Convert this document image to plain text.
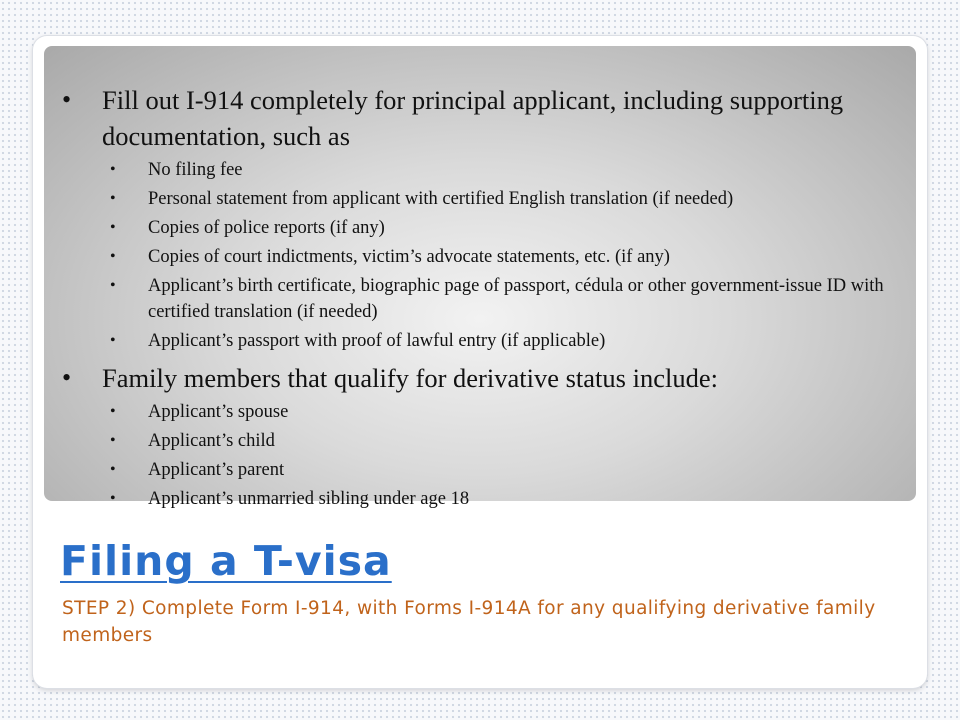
• Fill out I-914 completely for principal applicant, including supporting documentation, such as
• No filing fee
• Personal statement from applicant with certified English translation (if needed)
• Copies of police reports (if any)
• Copies of court indictments, victim’s advocate statements, etc. (if any)
• Applicant’s birth certificate, biographic page of passport, cédula or other government-issue ID with certified translation (if needed)
• Applicant’s passport with proof of lawful entry (if applicable)
• Family members that qualify for derivative status include:
• Applicant’s spouse
• Applicant’s child
• Applicant’s parent
• Applicant’s unmarried sibling under age 18
Filing a T-visa
STEP 2) Complete Form I-914, with Forms I-914A for any qualifying derivative family members
